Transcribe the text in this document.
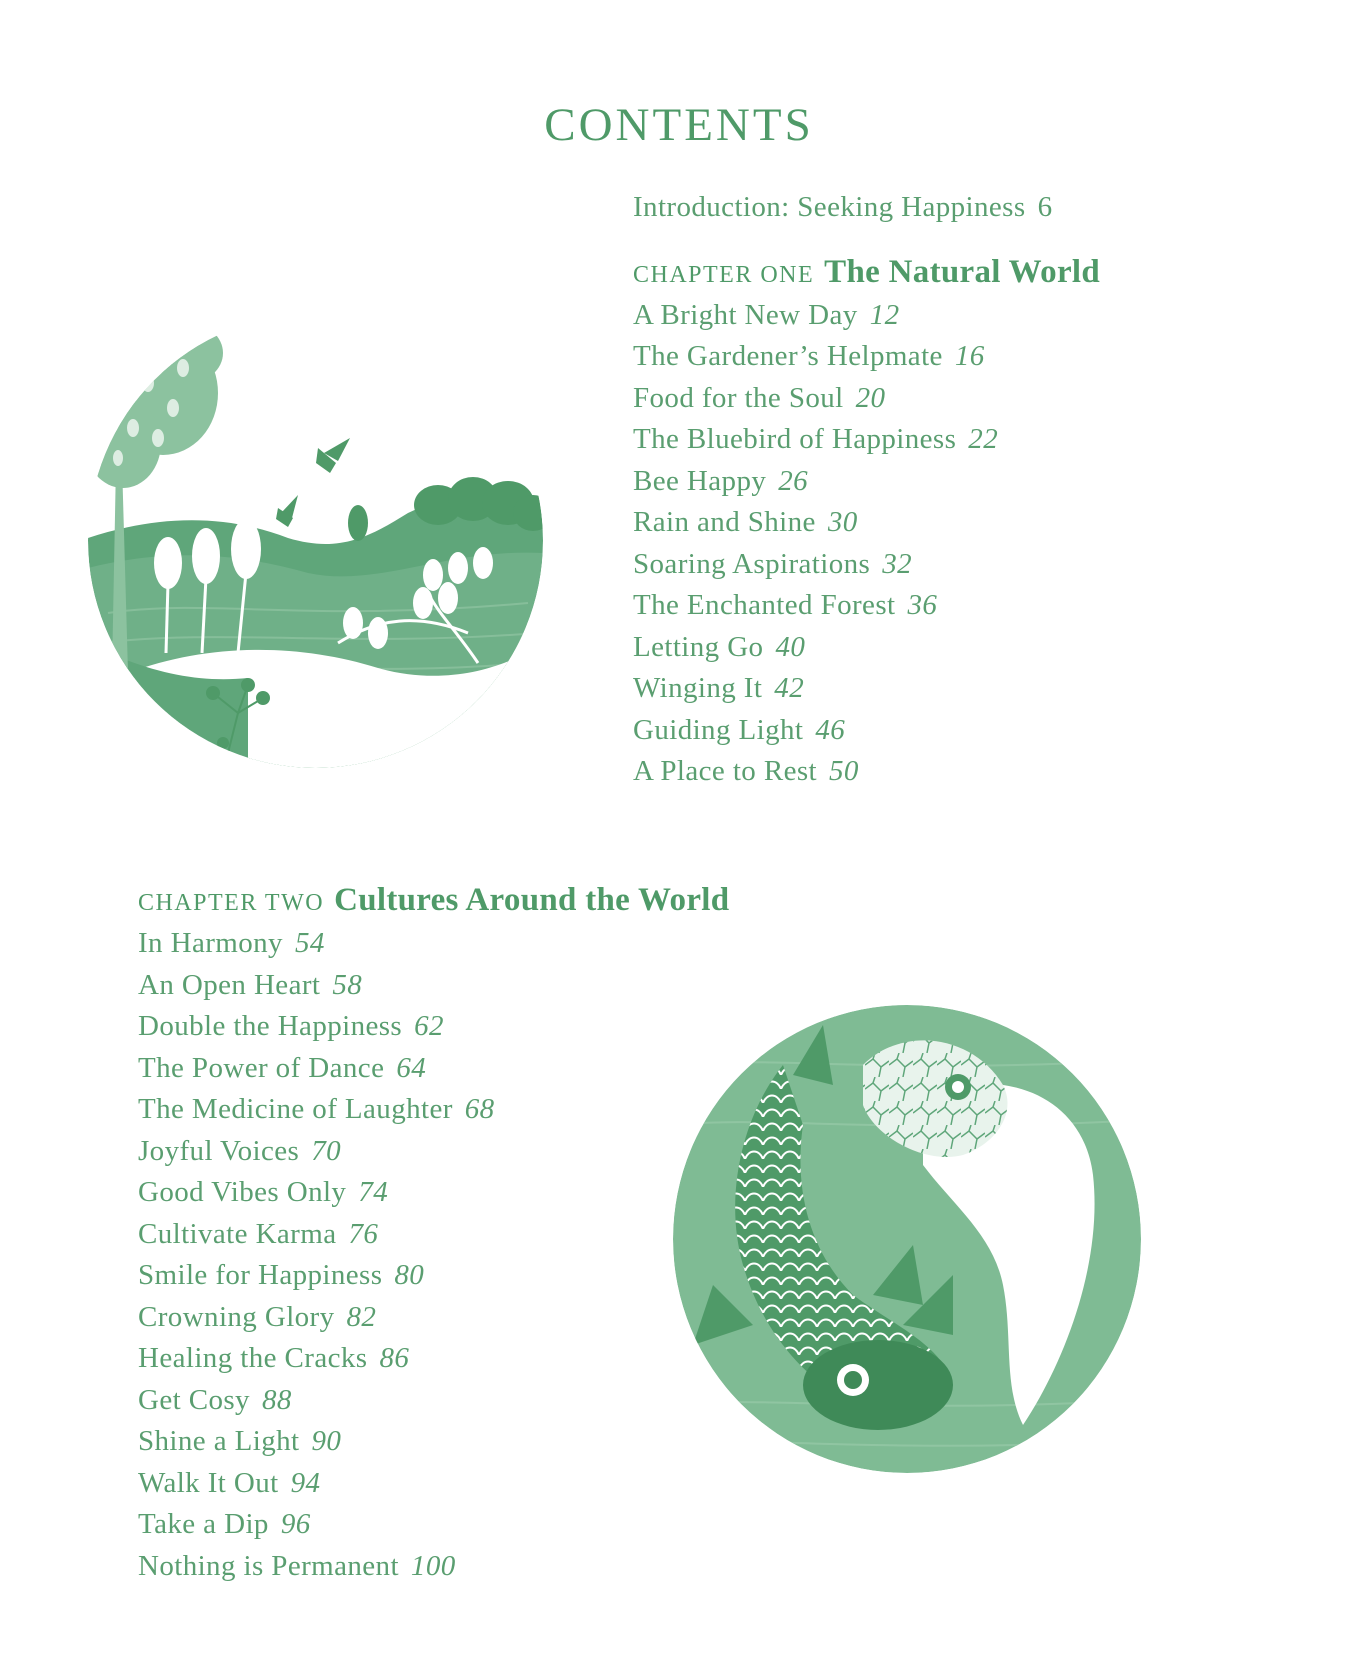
CONTENTS
Introduction: Seeking Happiness 6
CHAPTER ONE The Natural World
A Bright New Day 12
The Gardener’s Helpmate 16
Food for the Soul 20
The Bluebird of Happiness 22
Bee Happy 26
Rain and Shine 30
Soaring Aspirations 32
The Enchanted Forest 36
Letting Go 40
Winging It 42
Guiding Light 46
A Place to Rest 50
CHAPTER TWO Cultures Around the World
In Harmony 54
An Open Heart 58
Double the Happiness 62
The Power of Dance 64
The Medicine of Laughter 68
Joyful Voices 70
Good Vibes Only 74
Cultivate Karma 76
Smile for Happiness 80
Crowning Glory 82
Healing the Cracks 86
Get Cosy 88
Shine a Light 90
Walk It Out 94
Take a Dip 96
Nothing is Permanent 100
